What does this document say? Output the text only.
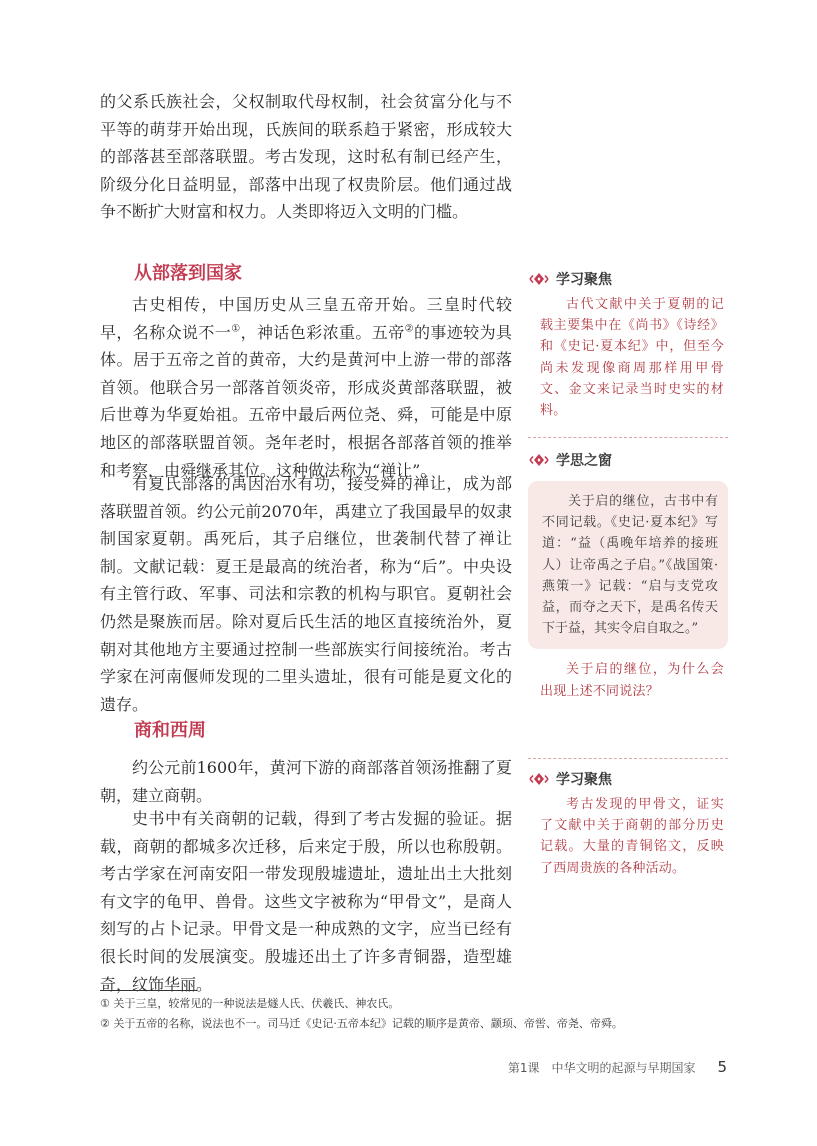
的父系氏族社会，父权制取代母权制，社会贫富分化与不平等的萌芽开始出现，氏族间的联系趋于紧密，形成较大的部落甚至部落联盟。考古发现，这时私有制已经产生，阶级分化日益明显，部落中出现了权贵阶层。他们通过战争不断扩大财富和权力。人类即将迈入文明的门槛。

从部落到国家

古史相传，中国历史从三皇五帝开始。三皇时代较早，名称众说不一①，神话色彩浓重。五帝②的事迹较为具体。居于五帝之首的黄帝，大约是黄河中上游一带的部落首领。他联合另一部落首领炎帝，形成炎黄部落联盟，被后世尊为华夏始祖。五帝中最后两位尧、舜，可能是中原地区的部落联盟首领。尧年老时，根据各部落首领的推举和考察，由舜继承其位。这种做法称为“禅让”。

有夏氏部落的禹因治水有功，接受舜的禅让，成为部落联盟首领。约公元前2070年，禹建立了我国最早的奴隶制国家夏朝。禹死后，其子启继位，世袭制代替了禅让制。文献记载：夏王是最高的统治者，称为“后”。中央设有主管行政、军事、司法和宗教的机构与职官。夏朝社会仍然是聚族而居。除对夏后氏生活的地区直接统治外，夏朝对其他地方主要通过控制一些部族实行间接统治。考古学家在河南偃师发现的二里头遗址，很有可能是夏文化的遗存。

商和西周

约公元前1600年，黄河下游的商部落首领汤推翻了夏朝，建立商朝。

史书中有关商朝的记载，得到了考古发掘的验证。据载，商朝的都城多次迁移，后来定于殷，所以也称殷朝。考古学家在河南安阳一带发现殷墟遗址，遗址出土大批刻有文字的龟甲、兽骨。这些文字被称为“甲骨文”，是商人刻写的占卜记录。甲骨文是一种成熟的文字，应当已经有很长时间的发展演变。殷墟还出土了许多青铜器，造型雄奇，纹饰华丽。

学习聚焦

古代文献中关于夏朝的记载主要集中在《尚书》《诗经》和《史记·夏本纪》中，但至今尚未发现像商周那样用甲骨文、金文来记录当时史实的材料。

学思之窗
关于启的继位，古书中有不同记载。《史记·夏本纪》写道：“益（禹晚年培养的接班人）让帝禹之子启。”《战国策·燕策一》记载：“启与支党攻益，而夺之天下，是禹名传天下于益，其实令启自取之。”

关于启的继位，为什么会出现上述不同说法？

学习聚焦

考古发现的甲骨文，证实了文献中关于商朝的部分历史记载。大量的青铜铭文，反映了西周贵族的各种活动。

① 关于三皇，较常见的一种说法是燧人氏、伏羲氏、神农氏。
② 关于五帝的名称，说法也不一。司马迁《史记·五帝本纪》记载的顺序是黄帝、颛顼、帝喾、帝尧、帝舜。
第1课　中华文明的起源与早期国家 5
